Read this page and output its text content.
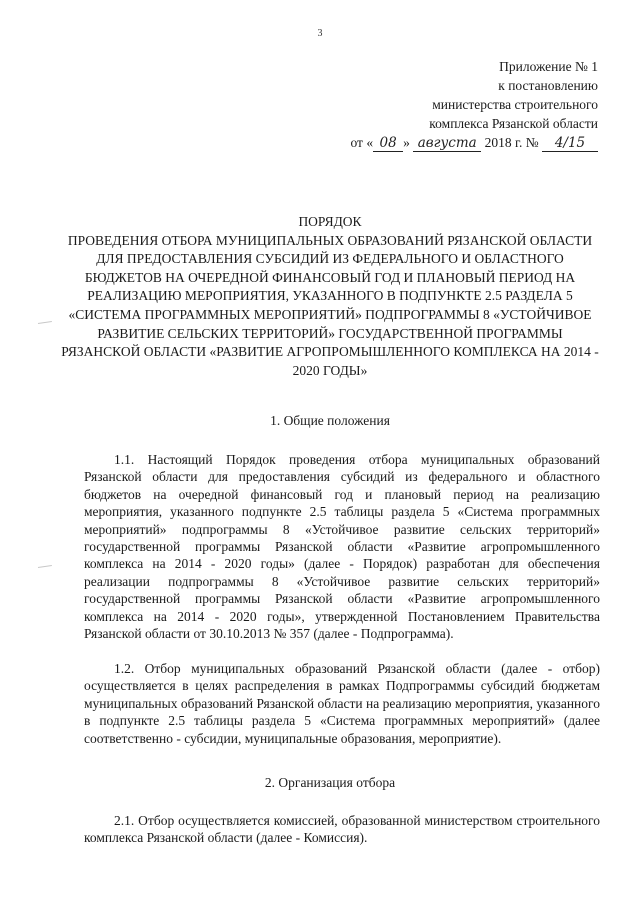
3
Приложение № 1
к постановлению
министерства строительного
комплекса Рязанской области
от « 08 » августа 2018 г. № 4/15
ПОРЯДОК
ПРОВЕДЕНИЯ ОТБОРА МУНИЦИПАЛЬНЫХ ОБРАЗОВАНИЙ РЯЗАНСКОЙ ОБЛАСТИ ДЛЯ ПРЕДОСТАВЛЕНИЯ СУБСИДИЙ ИЗ ФЕДЕРАЛЬНОГО И ОБЛАСТНОГО БЮДЖЕТОВ НА ОЧЕРЕДНОЙ ФИНАНСОВЫЙ ГОД И ПЛАНОВЫЙ ПЕРИОД НА РЕАЛИЗАЦИЮ МЕРОПРИЯТИЯ, УКАЗАННОГО В ПОДПУНКТЕ 2.5 РАЗДЕЛА 5 «СИСТЕМА ПРОГРАММНЫХ МЕРОПРИЯТИЙ» ПОДПРОГРАММЫ 8 «УСТОЙЧИВОЕ РАЗВИТИЕ СЕЛЬСКИХ ТЕРРИТОРИЙ» ГОСУДАРСТВЕННОЙ ПРОГРАММЫ РЯЗАНСКОЙ ОБЛАСТИ «РАЗВИТИЕ АГРОПРОМЫШЛЕННОГО КОМПЛЕКСА НА 2014 - 2020 ГОДЫ»
1. Общие положения
1.1. Настоящий Порядок проведения отбора муниципальных образований Рязанской области для предоставления субсидий из федерального и областного бюджетов на очередной финансовый год и плановый период на реализацию мероприятия, указанного подпункте 2.5 таблицы раздела 5 «Система программных мероприятий» подпрограммы 8 «Устойчивое развитие сельских территорий» государственной программы Рязанской области «Развитие агропромышленного комплекса на 2014 - 2020 годы» (далее - Порядок) разработан для обеспечения реализации подпрограммы 8 «Устойчивое развитие сельских территорий» государственной программы Рязанской области «Развитие агропромышленного комплекса на 2014 - 2020 годы», утвержденной Постановлением Правительства Рязанской области от 30.10.2013 № 357 (далее - Подпрограмма).
1.2. Отбор муниципальных образований Рязанской области (далее - отбор) осуществляется в целях распределения в рамках Подпрограммы субсидий бюджетам муниципальных образований Рязанской области на реализацию мероприятия, указанного в подпункте 2.5 таблицы раздела 5 «Система программных мероприятий» (далее соответственно - субсидии, муниципальные образования, мероприятие).
2. Организация отбора
2.1. Отбор осуществляется комиссией, образованной министерством строительного комплекса Рязанской области (далее - Комиссия).
